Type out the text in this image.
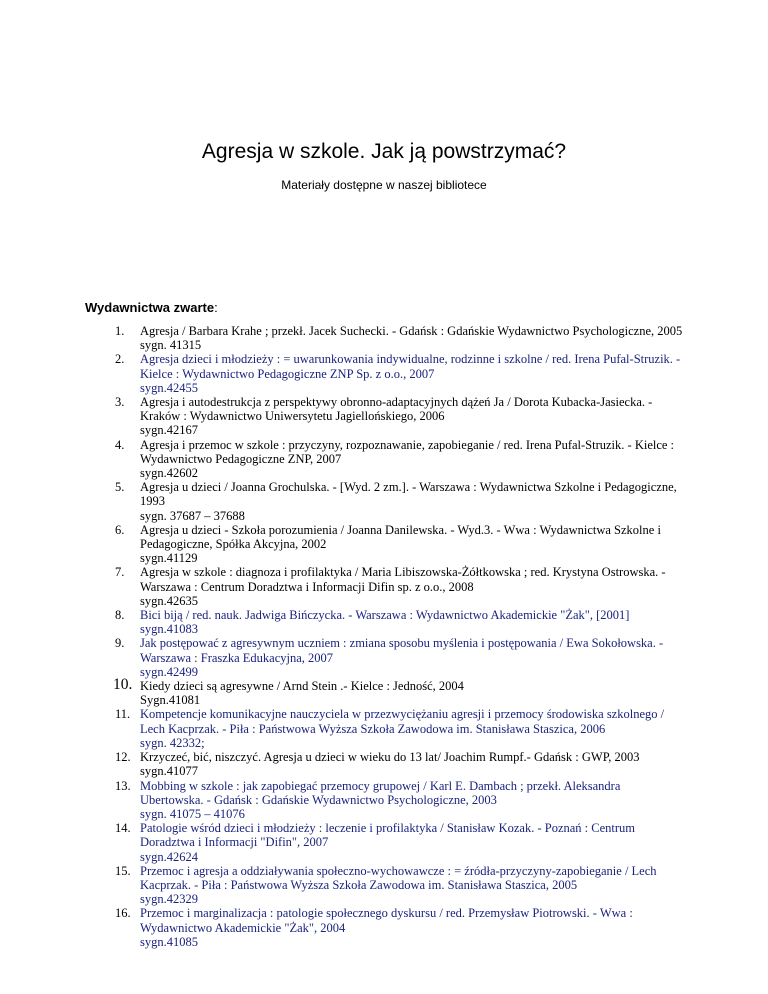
Agresja w szkole. Jak ją powstrzymać?
Materiały dostępne w naszej bibliotece
Wydawnictwa zwarte:
1.	Agresja / Barbara Krahe ; przekł. Jacek Suchecki. - Gdańsk : Gdańskie Wydawnictwo Psychologiczne, 2005
sygn. 41315
2.	Agresja dzieci i młodzieży : = uwarunkowania indywidualne, rodzinne i szkolne / red. Irena Pufal-Struzik. - Kielce : Wydawnictwo Pedagogiczne ZNP Sp. z o.o., 2007
sygn.42455
3.	Agresja i autodestrukcja z perspektywy obronno-adaptacyjnych dążeń Ja / Dorota Kubacka-Jasiecka. - Kraków : Wydawnictwo Uniwersytetu Jagiellońskiego, 2006
sygn.42167
4.	Agresja i przemoc w szkole : przyczyny, rozpoznawanie, zapobieganie / red. Irena Pufal-Struzik. - Kielce : Wydawnictwo Pedagogiczne ZNP, 2007
sygn.42602
5.	Agresja u dzieci / Joanna Grochulska. - [Wyd. 2 zm.]. - Warszawa : Wydawnictwa Szkolne i Pedagogiczne, 1993
sygn. 37687 – 37688
6.	Agresja u dzieci - Szkoła porozumienia / Joanna Danilewska. - Wyd.3. - Wwa : Wydawnictwa Szkolne i Pedagogiczne, Spółka Akcyjna, 2002
sygn.41129
7.	Agresja w szkole : diagnoza i profilaktyka / Maria Libiszowska-Żółtkowska ; red. Krystyna Ostrowska. - Warszawa : Centrum Doradztwa i Informacji Difin sp. z o.o., 2008
sygn.42635
8.	Bici biją / red. nauk. Jadwiga Bińczycka. - Warszawa : Wydawnictwo Akademickie "Żak", [2001]
sygn.41083
9.	Jak postępować z agresywnym uczniem : zmiana sposobu myślenia i postępowania / Ewa Sokołowska. - Warszawa : Fraszka Edukacyjna, 2007
sygn.42499
10. Kiedy dzieci są agresywne / Arnd Stein .- Kielce : Jedność, 2004
Sygn.41081
11. Kompetencje komunikacyjne nauczyciela w przezwyciężaniu agresji i przemocy środowiska szkolnego / Lech Kacprzak. - Piła : Państwowa Wyższa Szkoła Zawodowa im. Stanisława Staszica, 2006
sygn. 42332;
12. Krzyczeć, bić, niszczyć. Agresja u dzieci w wieku do 13 lat/ Joachim Rumpf.- Gdańsk : GWP, 2003
sygn.41077
13. Mobbing w szkole : jak zapobiegać przemocy grupowej / Karl E. Dambach ; przekł. Aleksandra Ubertowska. - Gdańsk : Gdańskie Wydawnictwo Psychologiczne, 2003
sygn. 41075 – 41076
14. Patologie wśród dzieci i młodzieży : leczenie i profilaktyka / Stanisław Kozak. - Poznań : Centrum Doradztwa i Informacji "Difin", 2007
sygn.42624
15. Przemoc i agresja a oddziaływania społeczno-wychowawcze : = źródła-przyczyny-zapobieganie / Lech Kacprzak. - Piła : Państwowa Wyższa Szkoła Zawodowa im. Stanisława Staszica, 2005
sygn.42329
16. Przemoc i marginalizacja : patologie społecznego dyskursu / red. Przemysław Piotrowski. - Wwa : Wydawnictwo Akademickie "Żak", 2004
sygn.41085
